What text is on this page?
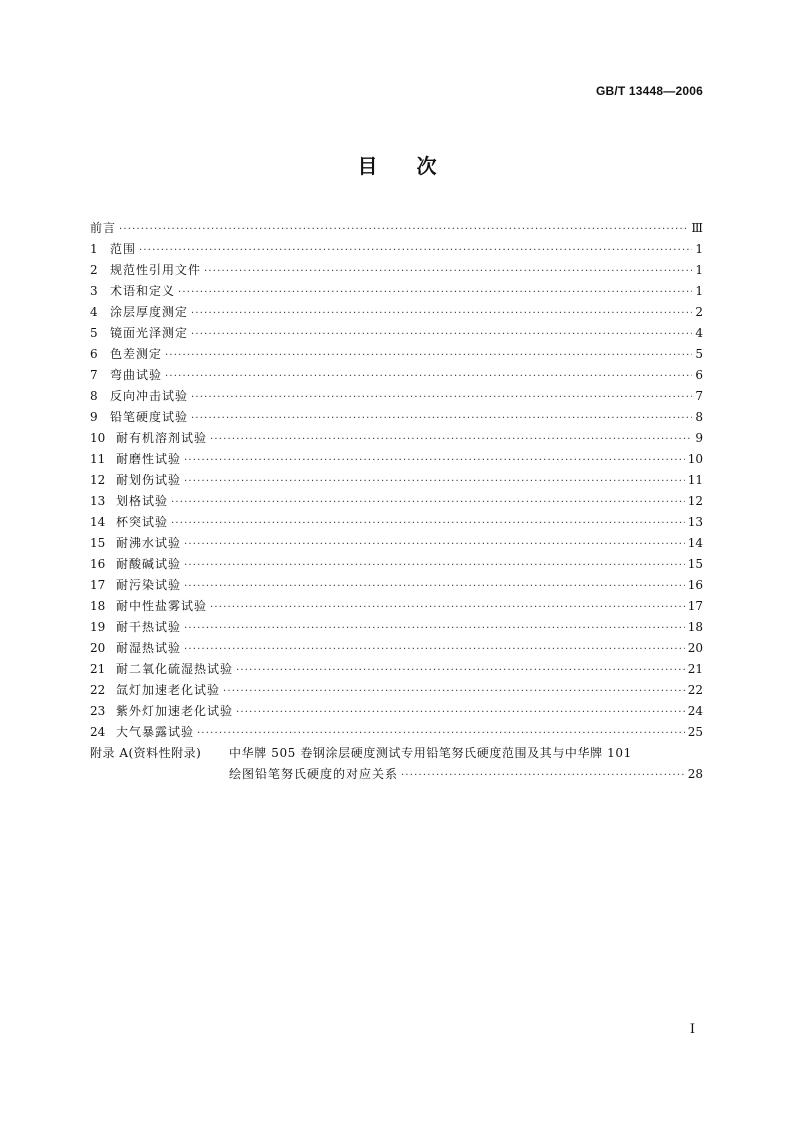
GB/T 13448—2006
目 次
前言 ·····	Ⅲ
1	范围 ·····	1
2	规范性引用文件 ·····	1
3	术语和定义 ·····	1
4	涂层厚度测定 ·····	2
5	镜面光泽测定 ·····	4
6	色差测定 ·····	5
7	弯曲试验 ·····	6
8	反向冲击试验 ·····	7
9	铅笔硬度试验 ·····	8
10 耐有机溶剂试验 ·····	9
11 耐磨性试验 ·····	10
12 耐划伤试验 ·····	11
13 划格试验 ·····	12
14 杯突试验 ·····	13
15 耐沸水试验 ·····	14
16 耐酸碱试验 ·····	15
17 耐污染试验 ·····	16
18 耐中性盐雾试验 ·····	17
19 耐干热试验 ·····	18
20 耐湿热试验 ·····	20
21 耐二氧化硫湿热试验 ·····	21
22 氙灯加速老化试验 ·····	22
23 紫外灯加速老化试验 ·····	24
24 大气暴露试验 ·····	25
附录 A(资料性附录)	中华牌 505 卷钢涂层硬度测试专用铅笔努氏硬度范围及其与中华牌 101
绘图铅笔努氏硬度的对应关系 ·····	28
I
